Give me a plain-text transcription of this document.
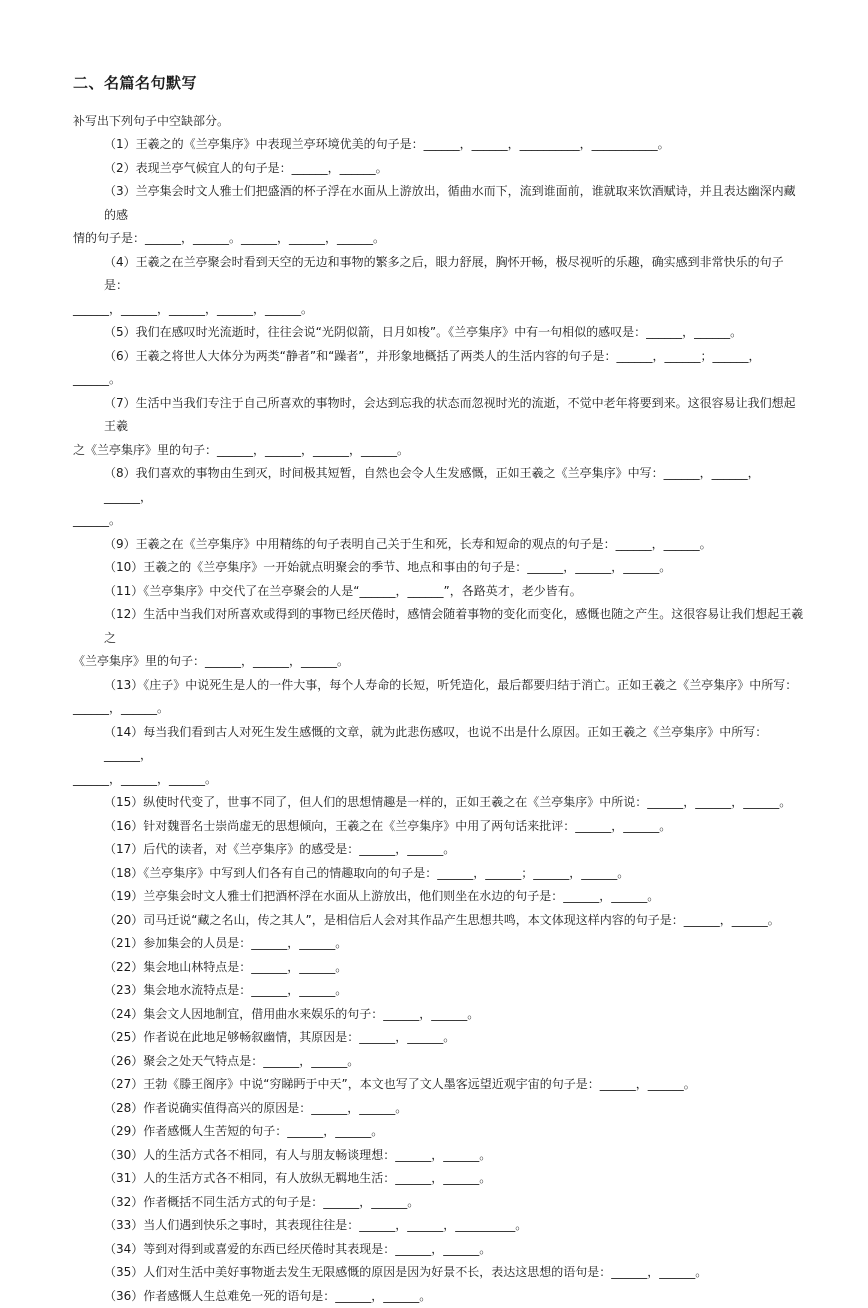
二、名篇名句默写
补写出下列句子中空缺部分。
（1）王羲之的《兰亭集序》中表现兰亭环境优美的句子是：______，______，__________，___________。
（2）表现兰亭气候宜人的句子是：______，______。
（3）兰亭集会时文人雅士们把盛酒的杯子浮在水面从上游放出，循曲水而下，流到谁面前，谁就取来饮酒赋诗，并且表达幽深内藏的感
情的句子是：______，______。______，______，______。
（4）王羲之在兰亭聚会时看到天空的无边和事物的繁多之后，眼力舒展，胸怀开畅，极尽视听的乐趣，确实感到非常快乐的句子是：
______，______，______，______，______。
（5）我们在感叹时光流逝时，往往会说“光阴似箭，日月如梭”。《兰亭集序》中有一句相似的感叹是：______，______。
（6）王羲之将世人大体分为两类“静者”和“躁者”，并形象地概括了两类人的生活内容的句子是：______，______；______，
______。
（7）生活中当我们专注于自己所喜欢的事物时，会达到忘我的状态而忽视时光的流逝，不觉中老年将要到来。这很容易让我们想起王羲
之《兰亭集序》里的句子：______，______，______，______。
（8）我们喜欢的事物由生到灭，时间极其短暂，自然也会令人生发感慨，正如王羲之《兰亭集序》中写：______，______，______，
______。
（9）王羲之在《兰亭集序》中用精练的句子表明自己关于生和死，长寿和短命的观点的句子是：______，______。
（10）王羲之的《兰亭集序》一开始就点明聚会的季节、地点和事由的句子是：______，______，______。
（11）《兰亭集序》中交代了在兰亭聚会的人是“______，______”，各路英才，老少皆有。
（12）生活中当我们对所喜欢或得到的事物已经厌倦时，感情会随着事物的变化而变化，感慨也随之产生。这很容易让我们想起王羲之
《兰亭集序》里的句子：______，______，______。
（13）《庄子》中说死生是人的一件大事，每个人寿命的长短，听凭造化，最后都要归结于消亡。正如王羲之《兰亭集序》中所写：
______，______。
（14）每当我们看到古人对死生发生感慨的文章，就为此悲伤感叹，也说不出是什么原因。正如王羲之《兰亭集序》中所写：______，
______，______，______。
（15）纵使时代变了，世事不同了，但人们的思想情趣是一样的，正如王羲之在《兰亭集序》中所说：______，______，______。
（16）针对魏晋名士崇尚虚无的思想倾向，王羲之在《兰亭集序》中用了两句话来批评：______，______。
（17）后代的读者，对《兰亭集序》的感受是：______，______。
（18）《兰亭集序》中写到人们各有自己的情趣取向的句子是：______，______；______，______。
（19）兰亭集会时文人雅士们把酒杯浮在水面从上游放出，他们则坐在水边的句子是：______，______。
（20）司马迁说“藏之名山，传之其人”，是相信后人会对其作品产生思想共鸣，本文体现这样内容的句子是：______，______。
（21）参加集会的人员是：______，______。
（22）集会地山林特点是：______，______。
（23）集会地水流特点是：______，______。
（24）集会文人因地制宜，借用曲水来娱乐的句子：______，______。
（25）作者说在此地足够畅叙幽情，其原因是：______，______。
（26）聚会之处天气特点是：______，______。
（27）王勃《滕王阁序》中说“穷睇眄于中天”，本文也写了文人墨客远望近观宇宙的句子是：______，______。
（28）作者说确实值得高兴的原因是：______，______。
（29）作者感慨人生苦短的句子：______，______。
（30）人的生活方式各不相同，有人与朋友畅谈理想：______，______。
（31）人的生活方式各不相同，有人放纵无羁地生活：______，______。
（32）作者概括不同生活方式的句子是：______，______。
（33）当人们遇到快乐之事时，其表现往往是：______，______，__________。
（34）等到对得到或喜爱的东西已经厌倦时其表现是：______，______。
（35）人们对生活中美好事物逝去发生无限感慨的原因是因为好景不长，表达这思想的语句是：______，______。
（36）作者感慨人生总难免一死的语句是：______，______。
